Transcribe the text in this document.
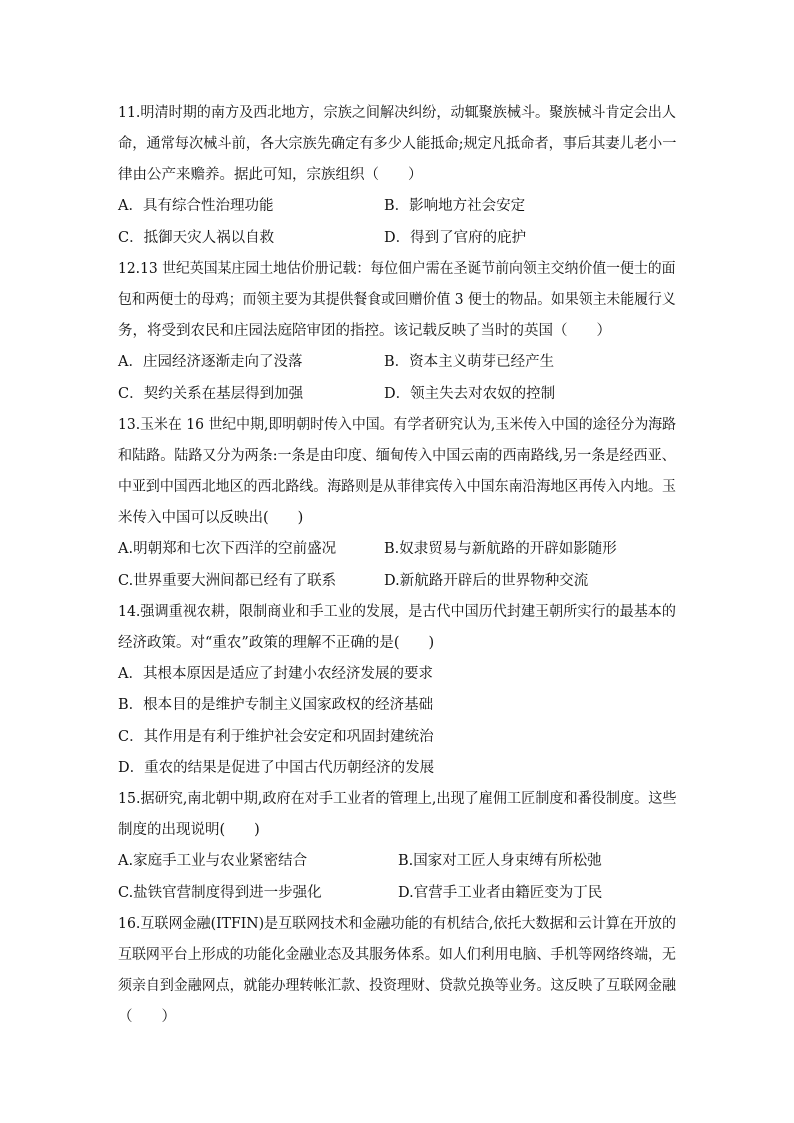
11.明清时期的南方及西北地方，宗族之间解决纠纷，动辄聚族械斗。聚族械斗肯定会出人
命，通常每次械斗前，各大宗族先确定有多少人能抵命;规定凡抵命者，事后其妻儿老小一
律由公产来赡养。据此可知，宗族组织（　　）
A．具有综合性治理功能	B．影响地方社会安定
C．抵御天灾人祸以自救	D．得到了官府的庇护
12.13 世纪英国某庄园土地估价册记载：每位佃户需在圣诞节前向领主交纳价值一便士的面
包和两便士的母鸡；而领主要为其提供餐食或回赠价值 3 便士的物品。如果领主未能履行义
务，将受到农民和庄园法庭陪审团的指控。该记载反映了当时的英国（　　）
A．庄园经济逐渐走向了没落	B．资本主义萌芽已经产生
C．契约关系在基层得到加强	D．领主失去对农奴的控制
13.玉米在 16 世纪中期,即明朝时传入中国。有学者研究认为,玉米传入中国的途径分为海路
和陆路。陆路又分为两条:一条是由印度、缅甸传入中国云南的西南路线,另一条是经西亚、
中亚到中国西北地区的西北路线。海路则是从菲律宾传入中国东南沿海地区再传入内地。玉
米传入中国可以反映出(　　)
A.明朝郑和七次下西洋的空前盛况	B.奴隶贸易与新航路的开辟如影随形
C.世界重要大洲间都已经有了联系	D.新航路开辟后的世界物种交流
14.强调重视农耕，限制商业和手工业的发展，是古代中国历代封建王朝所实行的最基本的
经济政策。对“重农”政策的理解不正确的是(　　)
A．其根本原因是适应了封建小农经济发展的要求
B．根本目的是维护专制主义国家政权的经济基础
C．其作用是有利于维护社会安定和巩固封建统治
D．重农的结果是促进了中国古代历朝经济的发展
15.据研究,南北朝中期,政府在对手工业者的管理上,出现了雇佣工匠制度和番役制度。这些
制度的出现说明(　　)
A.家庭手工业与农业紧密结合	B.国家对工匠人身束缚有所松弛
C.盐铁官营制度得到进一步强化	D.官营手工业者由籍匠变为丁民
16.互联网金融(ITFIN)是互联网技术和金融功能的有机结合,依托大数据和云计算在开放的
互联网平台上形成的功能化金融业态及其服务体系。如人们利用电脑、手机等网络终端，无
须亲自到金融网点，就能办理转帐汇款、投资理财、贷款兑换等业务。这反映了互联网金融
（　　）
